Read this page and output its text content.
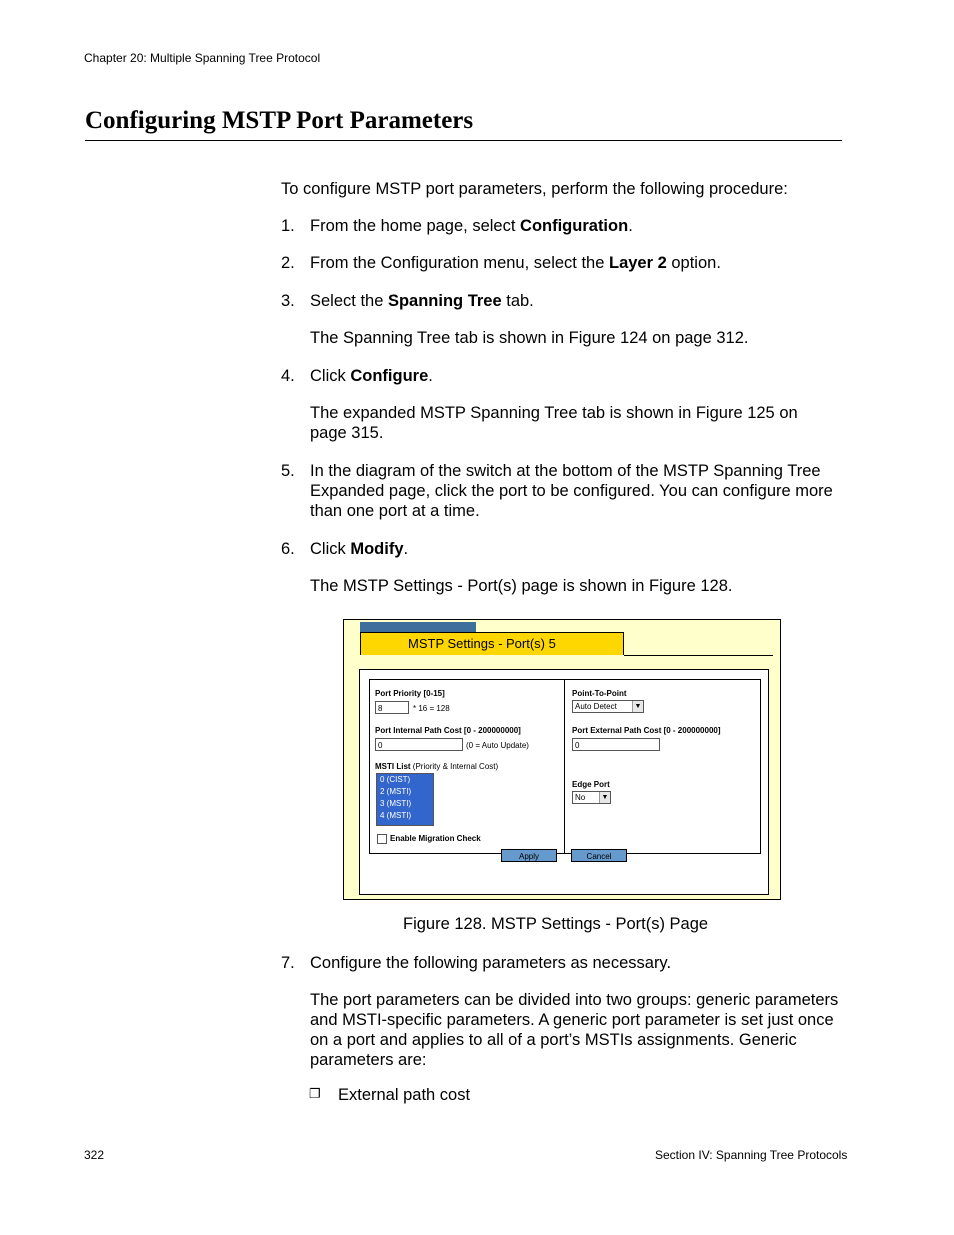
Chapter 20: Multiple Spanning Tree Protocol
Configuring MSTP Port Parameters
To configure MSTP port parameters, perform the following procedure:
1. From the home page, select Configuration.
2. From the Configuration menu, select the Layer 2 option.
3. Select the Spanning Tree tab.
The Spanning Tree tab is shown in Figure 124 on page 312.
4. Click Configure.
The expanded MSTP Spanning Tree tab is shown in Figure 125 on page 315.
5. In the diagram of the switch at the bottom of the MSTP Spanning Tree Expanded page, click the port to be configured. You can configure more than one port at a time.
6. Click Modify.
The MSTP Settings - Port(s) page is shown in Figure 128.
MSTP Settings - Port(s) 5
Port Priority [0-15]
8	* 16 = 128
Port Internal Path Cost [0 - 200000000]
0	(0 = Auto Update)
MSTI List (Priority & Internal Cost)
0 (CIST)
2 (MSTI)
3 (MSTI)
4 (MSTI)
Enable Migration Check
Point-To-Point
Auto Detect	▼
Port External Path Cost [0 - 200000000]
0
Edge Port
No	▼
Apply	Cancel
Figure 128. MSTP Settings - Port(s) Page
7. Configure the following parameters as necessary.
The port parameters can be divided into two groups: generic parameters and MSTI-specific parameters. A generic port parameter is set just once on a port and applies to all of a port’s MSTIs assignments. Generic parameters are:
❐ External path cost
322	Section IV: Spanning Tree Protocols
